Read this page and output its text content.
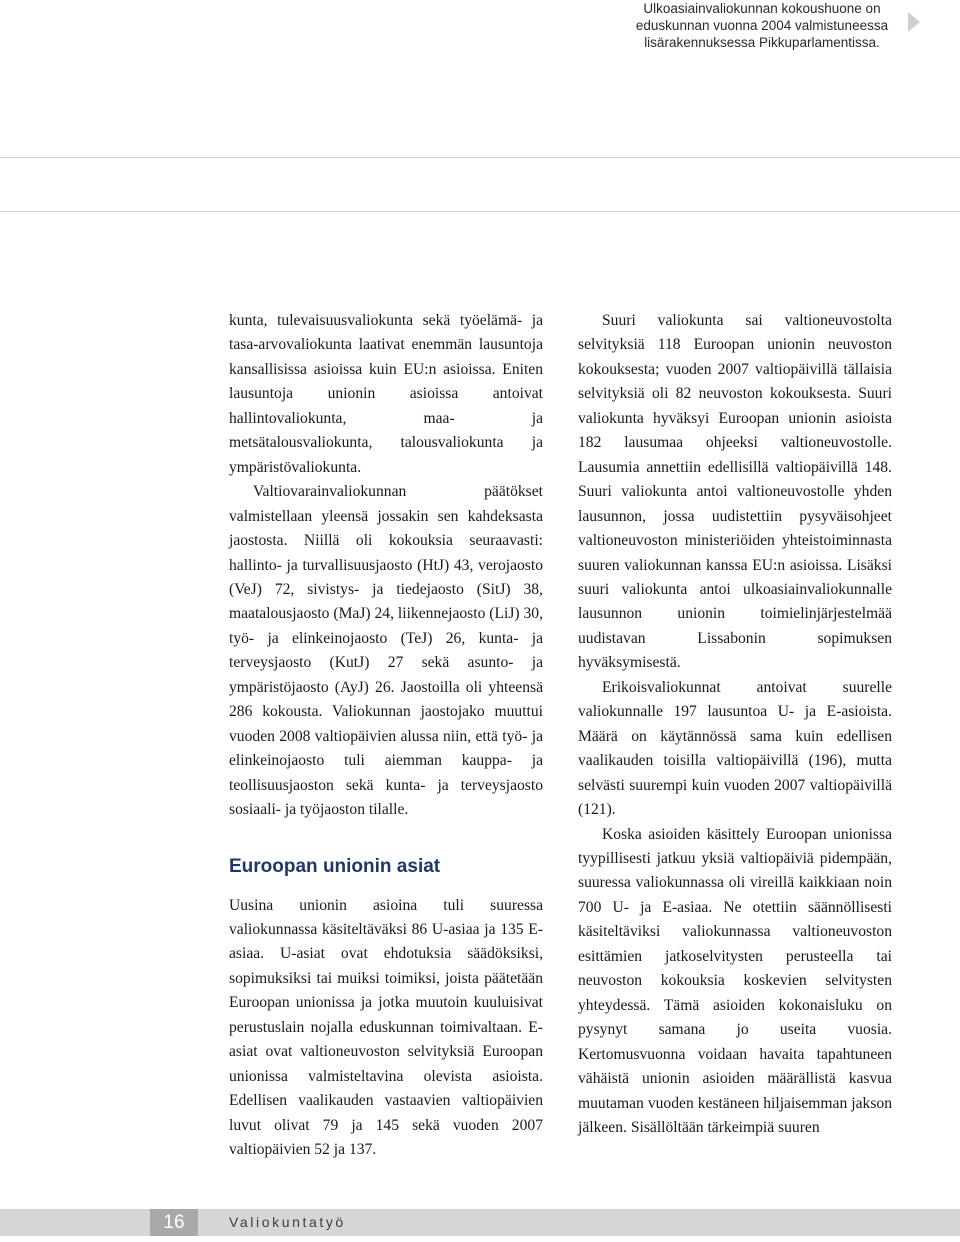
Ulkoasiainvaliokunnan kokoushuone on
eduskunnan vuonna 2004 valmistuneessa
lisärakennuksessa Pikkuparlamentissa.

kunta, tulevaisuusvaliokunta sekä työelämä- ja tasa-arvovaliokunta laativat enemmän lausuntoja kansallisissa asioissa kuin EU:n asioissa. Eniten lausuntoja unionin asioissa antoivat hallintovaliokunta, maa- ja metsätalousvaliokunta, talousvaliokunta ja ympäristövaliokunta.

Valtiovarainvaliokunnan päätökset valmistellaan yleensä jossakin sen kahdeksasta jaostosta. Niillä oli kokouksia seuraavasti: hallinto- ja turvallisuusjaosto (HtJ) 43, verojaosto (VeJ) 72, sivistys- ja tiedejaosto (SitJ) 38, maatalousjaosto (MaJ) 24, liikennejaosto (LiJ) 30, työ- ja elinkeinojaosto (TeJ) 26, kunta- ja terveysjaosto (KutJ) 27 sekä asunto- ja ympäristöjaosto (AyJ) 26. Jaostoilla oli yhteensä 286 kokousta. Valiokunnan jaostojako muuttui vuoden 2008 valtiopäivien alussa niin, että työ- ja elinkeinojaosto tuli aiemman kauppa- ja teollisuusjaoston sekä kunta- ja terveysjaosto sosiaali- ja työjaoston tilalle.

Euroopan unionin asiat

Uusina unionin asioina tuli suuressa valiokunnassa käsiteltäväksi 86 U-asiaa ja 135 E-asiaa. U-asiat ovat ehdotuksia säädöksiksi, sopimuksiksi tai muiksi toimiksi, joista päätetään Euroopan unionissa ja jotka muutoin kuuluisivat perustuslain nojalla eduskunnan toimivaltaan. E-asiat ovat valtioneuvoston selvityksiä Euroopan unionissa valmisteltavina olevista asioista. Edellisen vaalikauden vastaavien valtiopäivien luvut olivat 79 ja 145 sekä vuoden 2007 valtiopäivien 52 ja 137.

Suuri valiokunta sai valtioneuvostolta selvityksiä 118 Euroopan unionin neuvoston kokouksesta; vuoden 2007 valtiopäivillä tällaisia selvityksiä oli 82 neuvoston kokouksesta. Suuri valiokunta hyväksyi Euroopan unionin asioista 182 lausumaa ohjeeksi valtioneuvostolle. Lausumia annettiin edellisillä valtiopäivillä 148. Suuri valiokunta antoi valtioneuvostolle yhden lausunnon, jossa uudistettiin pysyväisohjeet valtioneuvoston ministeriöiden yhteistoiminnasta suuren valiokunnan kanssa EU:n asioissa. Lisäksi suuri valiokunta antoi ulkoasiainvaliokunnalle lausunnon unionin toimielinjärjestelmää uudistavan Lissabonin sopimuksen hyväksymisestä.

Erikoisvaliokunnat antoivat suurelle valiokunnalle 197 lausuntoa U- ja E-asioista. Määrä on käytännössä sama kuin edellisen vaalikauden toisilla valtiopäivillä (196), mutta selvästi suurempi kuin vuoden 2007 valtiopäivillä (121).

Koska asioiden käsittely Euroopan unionissa tyypillisesti jatkuu yksiä valtiopäiviä pidempään, suuressa valiokunnassa oli vireillä kaikkiaan noin 700 U- ja E-asiaa. Ne otettiin säännöllisesti käsiteltäviksi valiokunnassa valtioneuvoston esittämien jatkoselvitysten perusteella tai neuvoston kokouksia koskevien selvitysten yhteydessä. Tämä asioiden kokonaisluku on pysynyt samana jo useita vuosia. Kertomusvuonna voidaan havaita tapahtuneen vähäistä unionin asioiden määrällistä kasvua muutaman vuoden kestäneen hiljaisemman jakson jälkeen. Sisällöltään tärkeimpiä suuren

16	Valiokuntatyö
